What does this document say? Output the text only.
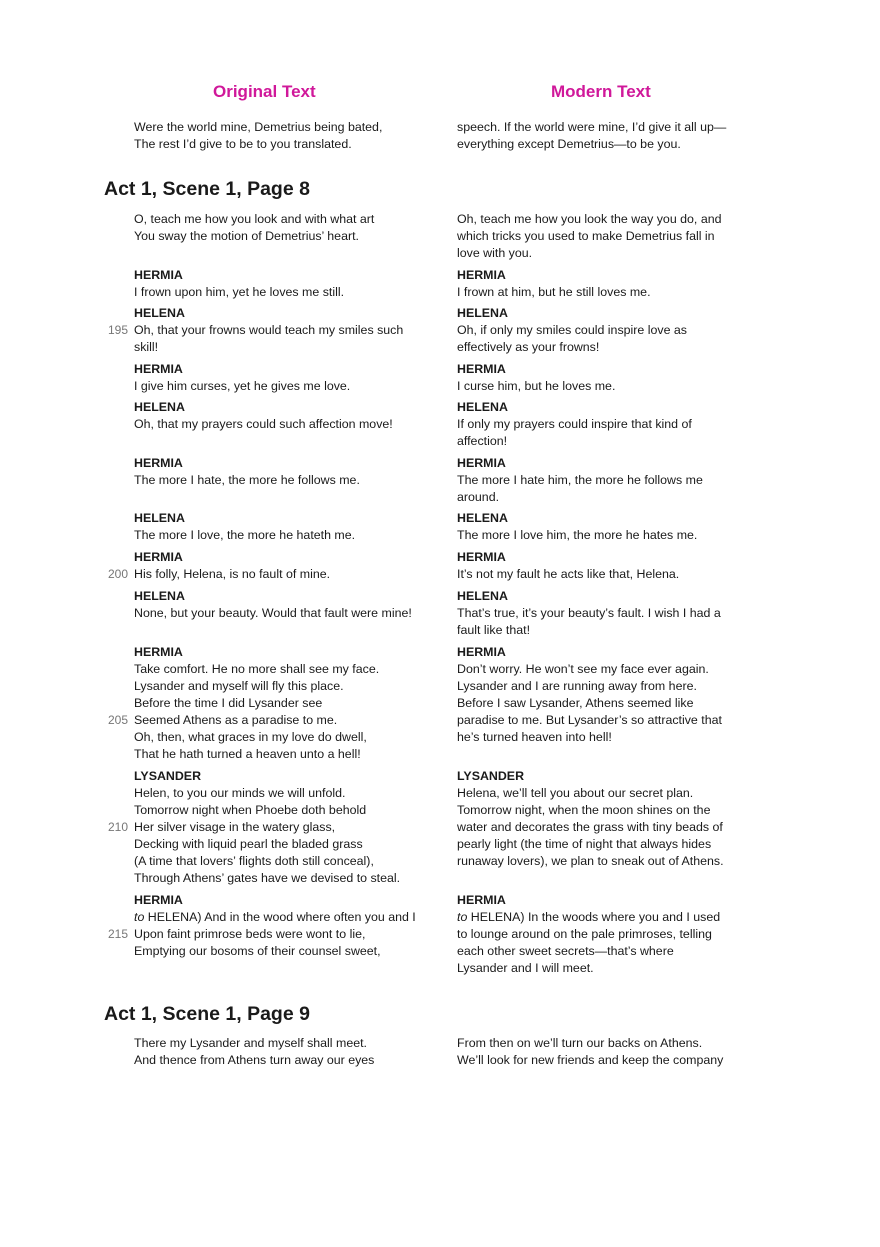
Original Text	Modern Text
Were the world mine, Demetrius being bated,
The rest I’d give to be to you translated.
speech. If the world were mine, I’d give it all up—
everything except Demetrius—to be you.
Act 1, Scene 1, Page 8
O, teach me how you look and with what art
You sway the motion of Demetrius’ heart.
Oh, teach me how you look the way you do, and
which tricks you used to make Demetrius fall in
love with you.
HERMIA
I frown upon him, yet he loves me still.
HERMIA
I frown at him, but he still loves me.
HELENA
195 Oh, that your frowns would teach my smiles such
skill!
HELENA
Oh, if only my smiles could inspire love as
effectively as your frowns!
HERMIA
I give him curses, yet he gives me love.
HERMIA
I curse him, but he loves me.
HELENA
Oh, that my prayers could such affection move!
HELENA
If only my prayers could inspire that kind of
affection!
HERMIA
The more I hate, the more he follows me.
HERMIA
The more I hate him, the more he follows me
around.
HELENA
The more I love, the more he hateth me.
HELENA
The more I love him, the more he hates me.
HERMIA
200 His folly, Helena, is no fault of mine.
HERMIA
It’s not my fault he acts like that, Helena.
HELENA
None, but your beauty. Would that fault were mine!
HELENA
That’s true, it’s your beauty’s fault. I wish I had a
fault like that!
HERMIA
Take comfort. He no more shall see my face.
Lysander and myself will fly this place.
Before the time I did Lysander see
205 Seemed Athens as a paradise to me.
Oh, then, what graces in my love do dwell,
That he hath turned a heaven unto a hell!
HERMIA
Don’t worry. He won’t see my face ever again.
Lysander and I are running away from here.
Before I saw Lysander, Athens seemed like
paradise to me. But Lysander’s so attractive that
he’s turned heaven into hell!
LYSANDER
Helen, to you our minds we will unfold.
Tomorrow night when Phoebe doth behold
210 Her silver visage in the watery glass,
Decking with liquid pearl the bladed grass
(A time that lovers’ flights doth still conceal),
Through Athens’ gates have we devised to steal.
LYSANDER
Helena, we’ll tell you about our secret plan.
Tomorrow night, when the moon shines on the
water and decorates the grass with tiny beads of
pearly light (the time of night that always hides
runaway lovers), we plan to sneak out of Athens.
HERMIA
to HELENA) And in the wood where often you and I
215 Upon faint primrose beds were wont to lie,
Emptying our bosoms of their counsel sweet,
HERMIA
to HELENA) In the woods where you and I used
to lounge around on the pale primroses, telling
each other sweet secrets—that’s where
Lysander and I will meet.
Act 1, Scene 1, Page 9
There my Lysander and myself shall meet.
And thence from Athens turn away our eyes
From then on we’ll turn our backs on Athens.
We’ll look for new friends and keep the company
